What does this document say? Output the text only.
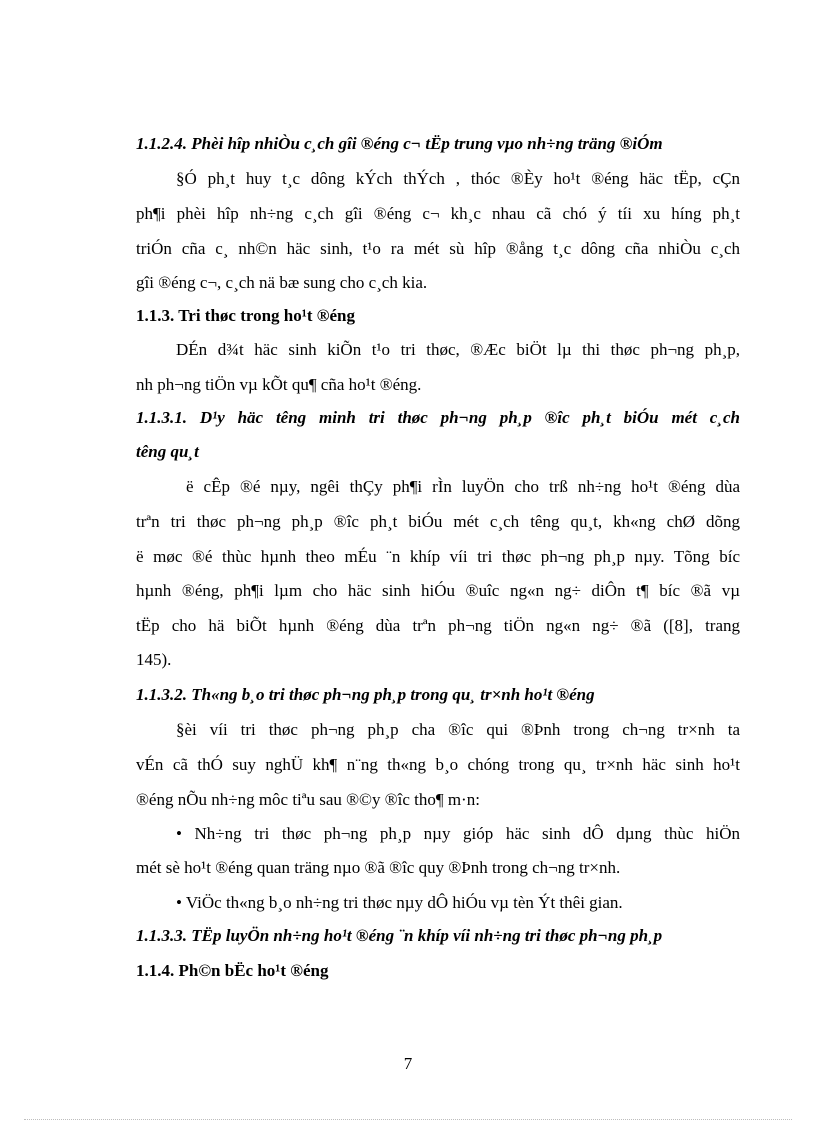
1.1.2.4. Phèi hîp nhiÒu c¸ch gîi ®éng c¬ tËp trung vµo nh÷ng träng ®iÓm
§Ó ph¸t huy t¸c dông kÝch thÝch , thóc ®Èy ho¹t ®éng häc tËp, cÇn
ph¶i phèi hîp nh÷ng c¸ch gîi ®éng c¬ kh¸c nhau cã chó ý tíi xu híng ph¸t
triÓn cña c¸ nh©n häc sinh, t¹o ra mét sù hîp ®ång t¸c dông cña nhiÒu c¸ch
gîi ®éng c¬, c¸ch nä bæ sung cho c¸ch kia.
1.1.3. Tri thøc trong ho¹t ®éng
DÉn d¾t häc sinh kiÕn t¹o tri thøc, ®Æc biÖt lµ thi thøc ph¬ng ph¸p,
nh ph¬ng tiÖn vµ kÕt qu¶ cña ho¹t ®éng.
1.1.3.1. D¹y häc têng minh tri thøc ph¬ng ph¸p ®îc ph¸t biÓu mét c¸ch
têng qu¸t
ë cÊp ®é nµy, ngêi thÇy ph¶i rÌn luyÖn cho trß nh÷ng ho¹t ®éng dùa
trªn tri thøc ph¬ng ph¸p ®îc ph¸t biÓu mét c¸ch têng qu¸t, kh«ng chØ dõng
ë møc ®é thùc hµnh theo mÉu ¨n khíp víi tri thøc ph¬ng ph¸p nµy. Tõng bíc
hµnh ®éng, ph¶i lµm cho häc sinh hiÓu ®uîc ng«n ng÷ diÔn t¶ bíc ®ã vµ
tËp cho hä biÕt hµnh ®éng dùa trªn ph¬ng tiÖn ng«n ng÷ ®ã ([8], trang
145).
1.1.3.2. Th«ng b¸o tri thøc ph¬ng ph¸p trong qu¸ tr×nh ho¹t ®éng
§èi víi tri thøc ph¬ng ph¸p cha ®îc qui ®Þnh trong ch¬ng tr×nh ta
vÉn cã thÓ suy nghÜ kh¶ n¨ng th«ng b¸o chóng trong qu¸ tr×nh häc sinh ho¹t
®éng nÕu nh÷ng môc tiªu sau ®©y ®îc tho¶ m·n:
• Nh÷ng tri thøc ph¬ng ph¸p nµy gióp häc sinh dÔ dµng thùc hiÖn
mét sè ho¹t ®éng quan träng nµo ®ã ®îc quy ®Þnh trong ch¬ng tr×nh.
• ViÖc th«ng b¸o nh÷ng tri thøc nµy dÔ hiÓu vµ tèn Ýt thêi gian.
1.1.3.3. TËp luyÖn nh÷ng ho¹t ®éng ¨n khíp víi nh÷ng tri thøc ph¬ng ph¸p
1.1.4. Ph©n bËc ho¹t ®éng
7
